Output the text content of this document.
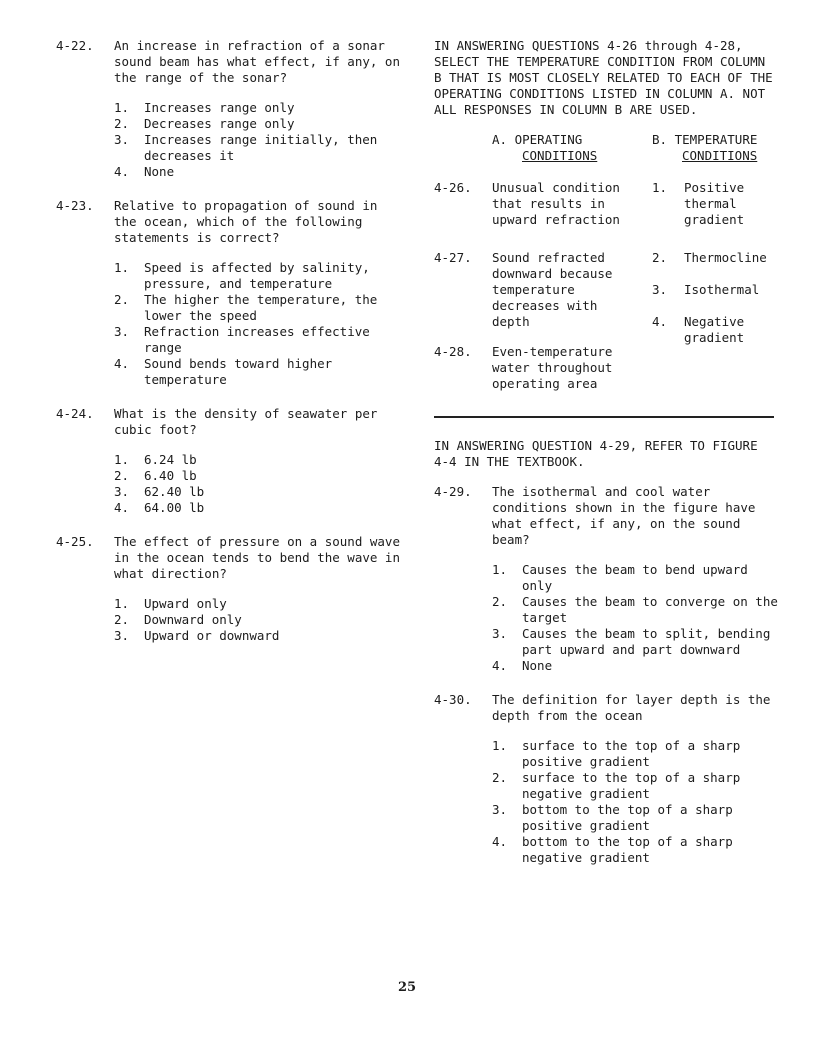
4-22. An increase in refraction of a sonar sound beam has what effect, if any, on the range of the sonar?
1. Increases range only
2. Decreases range only
3. Increases range initially, then decreases it
4. None
4-23. Relative to propagation of sound in the ocean, which of the following statements is correct?
1. Speed is affected by salinity, pressure, and temperature
2. The higher the temperature, the lower the speed
3. Refraction increases effective range
4. Sound bends toward higher temperature
4-24. What is the density of seawater per cubic foot?
1. 6.24 lb
2. 6.40 lb
3. 62.40 lb
4. 64.00 lb
4-25. The effect of pressure on a sound wave in the ocean tends to bend the wave in what direction?
1. Upward only
2. Downward only
3. Upward or downward
IN ANSWERING QUESTIONS 4-26 through 4-28, SELECT THE TEMPERATURE CONDITION FROM COLUMN B THAT IS MOST CLOSELY RELATED TO EACH OF THE OPERATING CONDITIONS LISTED IN COLUMN A. NOT ALL RESPONSES IN COLUMN B ARE USED.
A. OPERATING
CONDITIONS
B. TEMPERATURE
CONDITIONS
4-26. Unusual condition that results in upward refraction
1. Positive thermal gradient
4-27. Sound refracted downward because temperature decreases with depth
2. Thermocline
3. Isothermal
4. Negative gradient
4-28. Even-temperature water throughout operating area
IN ANSWERING QUESTION 4-29, REFER TO FIGURE 4-4 IN THE TEXTBOOK.
4-29. The isothermal and cool water conditions shown in the figure have what effect, if any, on the sound beam?
1. Causes the beam to bend upward only
2. Causes the beam to converge on the target
3. Causes the beam to split, bending part upward and part downward
4. None
4-30. The definition for layer depth is the depth from the ocean
1. surface to the top of a sharp positive gradient
2. surface to the top of a sharp negative gradient
3. bottom to the top of a sharp positive gradient
4. bottom to the top of a sharp negative gradient
25
